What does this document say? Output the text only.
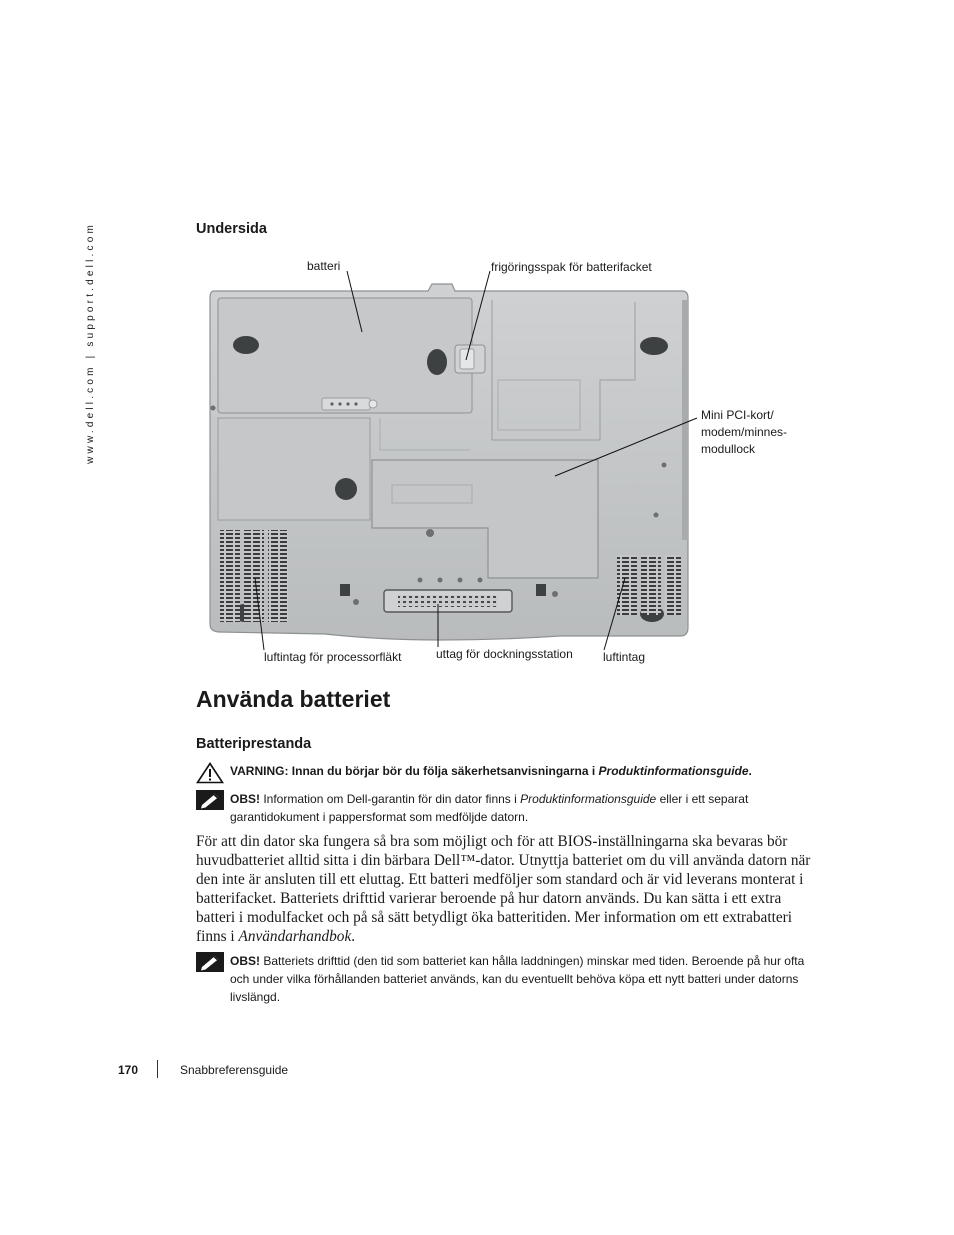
www.dell.com | support.dell.com	Undersida
batteri	frigöringsspak för batterifacket
Mini PCI-kort/
modem/minnes-
modullock
luftintag för processorfläkt	uttag för dockningsstation	luftintag
Använda batteriet
Batteriprestanda
VARNING: Innan du börjar bör du följa säkerhetsanvisningarna i Produktinformationsguide.
OBS! Information om Dell-garantin för din dator finns i Produktinformationsguide eller i ett separat garantidokument i pappersformat som medföljde datorn.
För att din dator ska fungera så bra som möjligt och för att BIOS-inställningarna ska bevaras bör huvudbatteriet alltid sitta i din bärbara Dell™-dator. Utnyttja batteriet om du vill använda datorn när den inte är ansluten till ett eluttag. Ett batteri medföljer som standard och är vid leverans monterat i batterifacket. Batteriets drifttid varierar beroende på hur datorn används. Du kan sätta i ett extra batteri i modulfacket och på så sätt betydligt öka batteritiden. Mer information om ett extrabatteri finns i Användarhandbok.
OBS! Batteriets drifttid (den tid som batteriet kan hålla laddningen) minskar med tiden. Beroende på hur ofta och under vilka förhållanden batteriet används, kan du eventuellt behöva köpa ett nytt batteri under datorns livslängd.
170	Snabbreferensguide
